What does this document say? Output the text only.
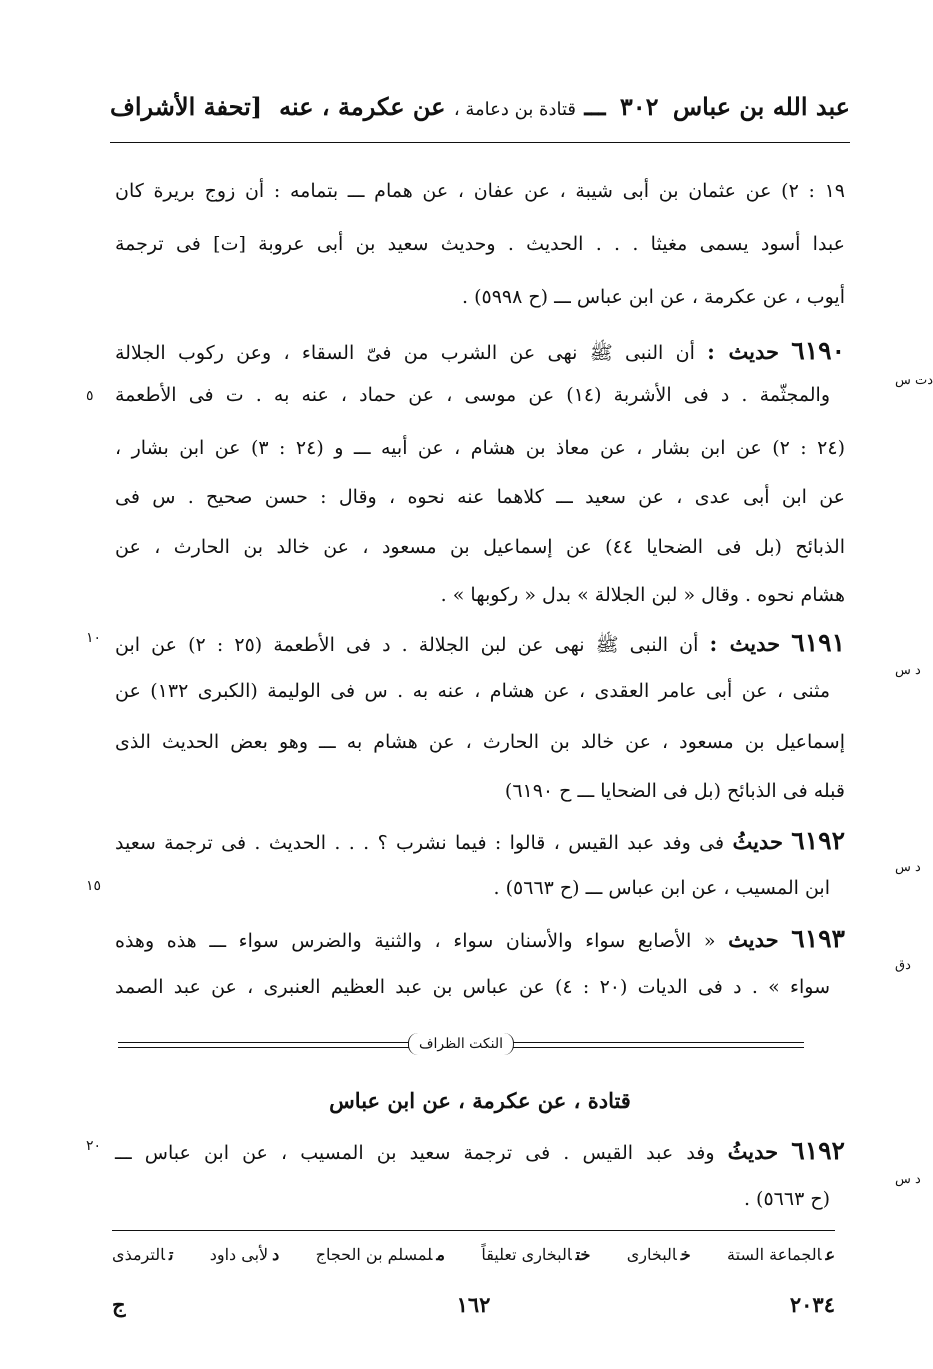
عبد الله بن عباس ٣٠٢ ـــ قتادة بن دعامة ، عن عكرمة ، عنه
[تحفة الأشراف
١٩ : ٢) عن عثمان بن أبى شيبة ، عن عفان ، عن همام ـــ بتمامه : أن زوج بريرة كان
عبدا أسود يسمى مغيثا . . . الحديث . وحديث سعيد بن أبى عروبة [ت] فى ترجمة
أيوب ، عن عكرمة ، عن ابن عباس ـــ (ح ٥٩٩٨) .
٦١٩٠ حديث : أن النبى ﷺ نهى عن الشرب من فىّ السقاء ، وعن ركوب الجلالة
دت س
والمجثّمة . د فى الأشربة (١٤) عن موسى ، عن حماد ، عنه به . ت فى الأطعمة
٥
(٢٤ : ٢) عن ابن بشار ، عن معاذ بن هشام ، عن أبيه ـــ و (٢٤ : ٣) عن ابن بشار ،
عن ابن أبى عدى ، عن سعيد ـــ كلاهما عنه نحوه ، وقال : حسن صحيح . س فى
الذبائح (بل فى الضحايا ٤٤) عن إسماعيل بن مسعود ، عن خالد بن الحارث ، عن
هشام نحوه . وقال « لبن الجلالة » بدل « ركوبها » .
٦١٩١ حديث : أن النبى ﷺ نهى عن لبن الجلالة . د فى الأطعمة (٢٥ : ٢) عن ابن
١٠
د س
مثنى ، عن أبى عامر العقدى ، عن هشام ، عنه به . س فى الوليمة (الكبرى ١٣٢) عن
إسماعيل بن مسعود ، عن خالد بن الحارث ، عن هشام به ـــ وهو بعض الحديث الذى
قبله فى الذبائح (بل فى الضحايا ـــ ح ٦١٩٠)
٦١٩٢ حديثُ فى وفد عبد القيس ، قالوا : فيما نشرب ؟ . . . الحديث . فى ترجمة سعيد
د س
ابن المسيب ، عن ابن عباس ـــ (ح ٥٦٦٣) .
١٥
٦١٩٣ حديث « الأصابع سواء والأسنان سواء ، والثنية والضرس سواء ـــ هذه وهذه
دق
سواء » . د فى الديات (٢٠ : ٤) عن عباس بن عبد العظيم العنبرى ، عن عبد الصمد
النكت الظراف
قتادة ، عن عكرمة ، عن ابن عباس
٦١٩٢ حديثُ وفد عبد القيس . فى ترجمة سعيد بن المسيب ، عن ابن عباس ـــ
٢٠
د س
(ح ٥٦٦٣) .
عالجماعة الستة
خالبخارى
ختالبخارى تعليقاً
ملمسلم بن الحجاج
دلأبى داود
تالترمذى
٢٠٣٤
١٦٢
ج
